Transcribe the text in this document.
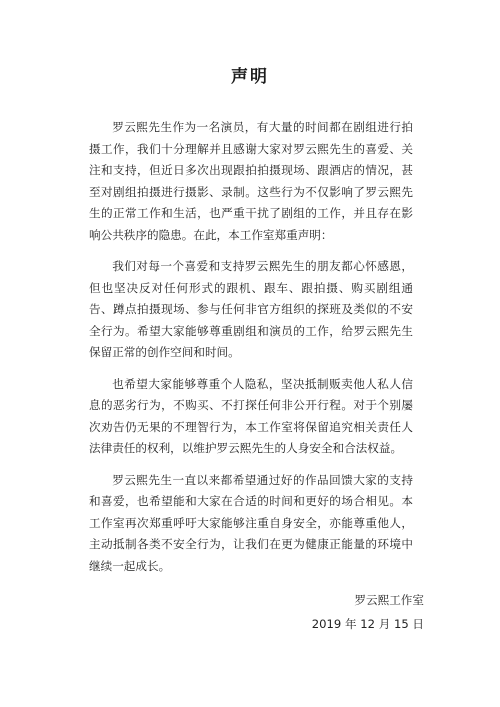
声明

罗云熙先生作为一名演员，有大量的时间都在剧组进行拍摄工作，我们十分理解并且感谢大家对罗云熙先生的喜爱、关注和支持，但近日多次出现跟拍拍摄现场、跟酒店的情况，甚至对剧组拍摄进行摄影、录制。这些行为不仅影响了罗云熙先生的正常工作和生活，也严重干扰了剧组的工作，并且存在影响公共秩序的隐患。在此，本工作室郑重声明：

我们对每一个喜爱和支持罗云熙先生的朋友都心怀感恩，但也坚决反对任何形式的跟机、跟车、跟拍摄、购买剧组通告、蹲点拍摄现场、参与任何非官方组织的探班及类似的不安全行为。希望大家能够尊重剧组和演员的工作，给罗云熙先生保留正常的创作空间和时间。

也希望大家能够尊重个人隐私，坚决抵制贩卖他人私人信息的恶劣行为，不购买、不打探任何非公开行程。对于个别屡次劝告仍无果的不理智行为，本工作室将保留追究相关责任人法律责任的权利，以维护罗云熙先生的人身安全和合法权益。

罗云熙先生一直以来都希望通过好的作品回馈大家的支持和喜爱，也希望能和大家在合适的时间和更好的场合相见。本工作室再次郑重呼吁大家能够注重自身安全，亦能尊重他人，主动抵制各类不安全行为，让我们在更为健康正能量的环境中继续一起成长。

罗云熙工作室
2019 年 12 月 15 日
